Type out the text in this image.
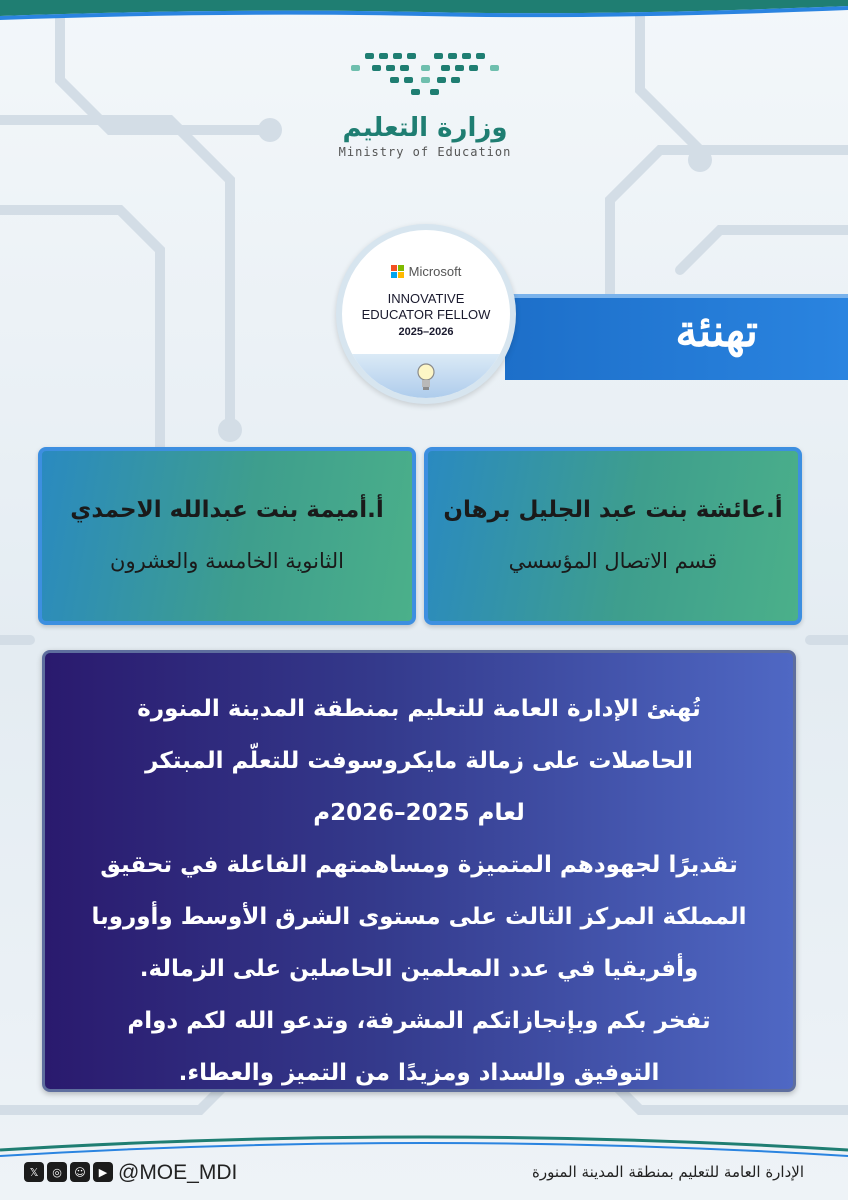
وزارة التعليم
Ministry of Education
تهنئة
Microsoft
INNOVATIVE
EDUCATOR FELLOW
2025–2026
أ.عائشة بنت عبد الجليل برهان
قسم الاتصال المؤسسي
أ.أميمة بنت عبدالله الاحمدي
الثانوية الخامسة والعشرون
تُهنئ الإدارة العامة للتعليم بمنطقة المدينة المنورة
الحاصلات على زمالة مايكروسوفت للتعلّم المبتكر
لعام 2025–2026م
تقديرًا لجهودهم المتميزة ومساهمتهم الفاعلة في تحقيق
المملكة المركز الثالث على مستوى الشرق الأوسط وأوروبا
وأفريقيا في عدد المعلمين الحاصلين على الزمالة.
تفخر بكم وبإنجازاتكم المشرفة، وتدعو الله لكم دوام
التوفيق والسداد ومزيدًا من التميز والعطاء.
𝕏	◎	☺	▶ @MOE_MDI	الإدارة العامة للتعليم بمنطقة المدينة المنورة
